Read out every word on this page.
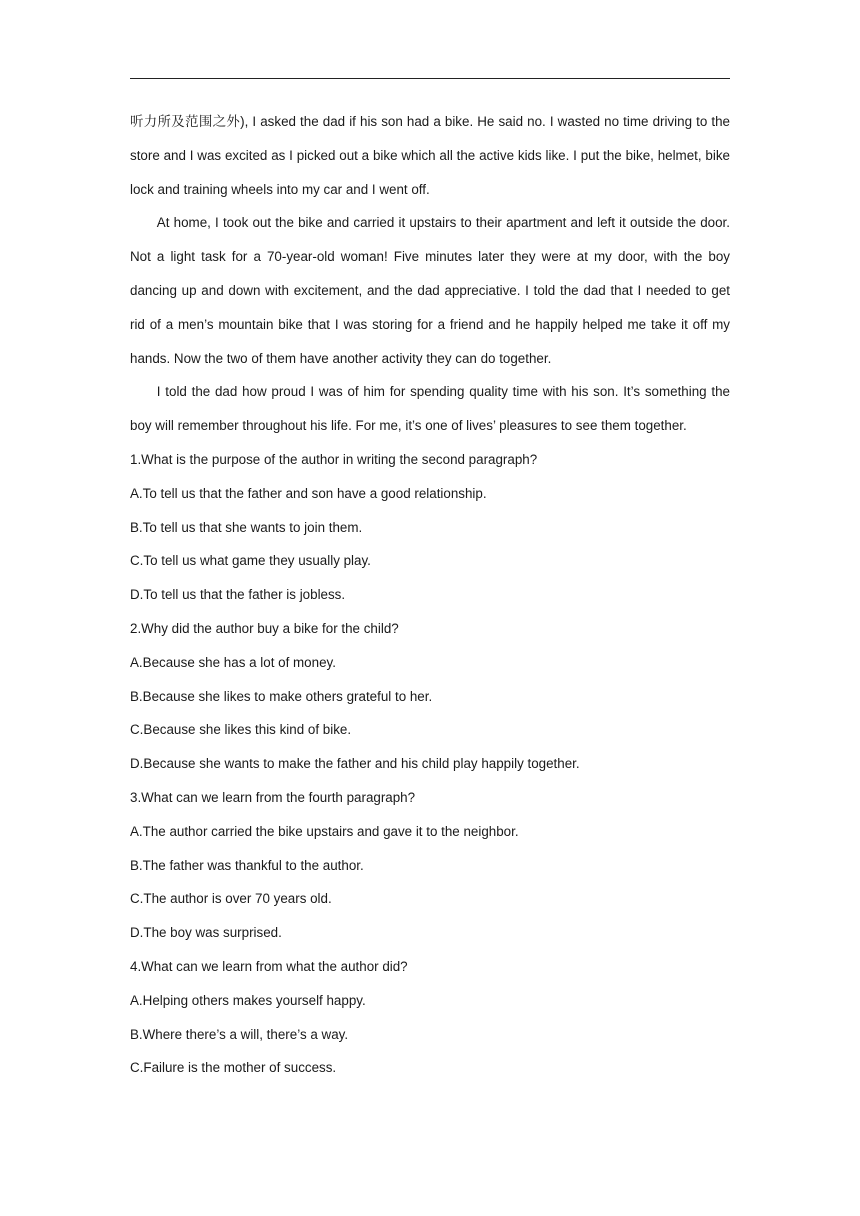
听力所及范围之外), I asked the dad if his son had a bike. He said no. I wasted no time driving to the store and I was excited as I picked out a bike which all the active kids like. I put the bike, helmet, bike lock and training wheels into my car and I went off.

At home, I took out the bike and carried it upstairs to their apartment and left it outside the door. Not a light task for a 70-year-old woman! Five minutes later they were at my door, with the boy dancing up and down with excitement, and the dad appreciative. I told the dad that I needed to get rid of a men’s mountain bike that I was storing for a friend and he happily helped me take it off my hands. Now the two of them have another activity they can do together.

I told the dad how proud I was of him for spending quality time with his son. It’s something the boy will remember throughout his life. For me, it’s one of lives’ pleasures to see them together.

1.What is the purpose of the author in writing the second paragraph?

A.To tell us that the father and son have a good relationship.

B.To tell us that she wants to join them.

C.To tell us what game they usually play.

D.To tell us that the father is jobless.

2.Why did the author buy a bike for the child?

A.Because she has a lot of money.

B.Because she likes to make others grateful to her.

C.Because she likes this kind of bike.

D.Because she wants to make the father and his child play happily together.

3.What can we learn from the fourth paragraph?

A.The author carried the bike upstairs and gave it to the neighbor.

B.The father was thankful to the author.

C.The author is over 70 years old.

D.The boy was surprised.

4.What can we learn from what the author did?

A.Helping others makes yourself happy.

B.Where there’s a will, there’s a way.

C.Failure is the mother of success.
